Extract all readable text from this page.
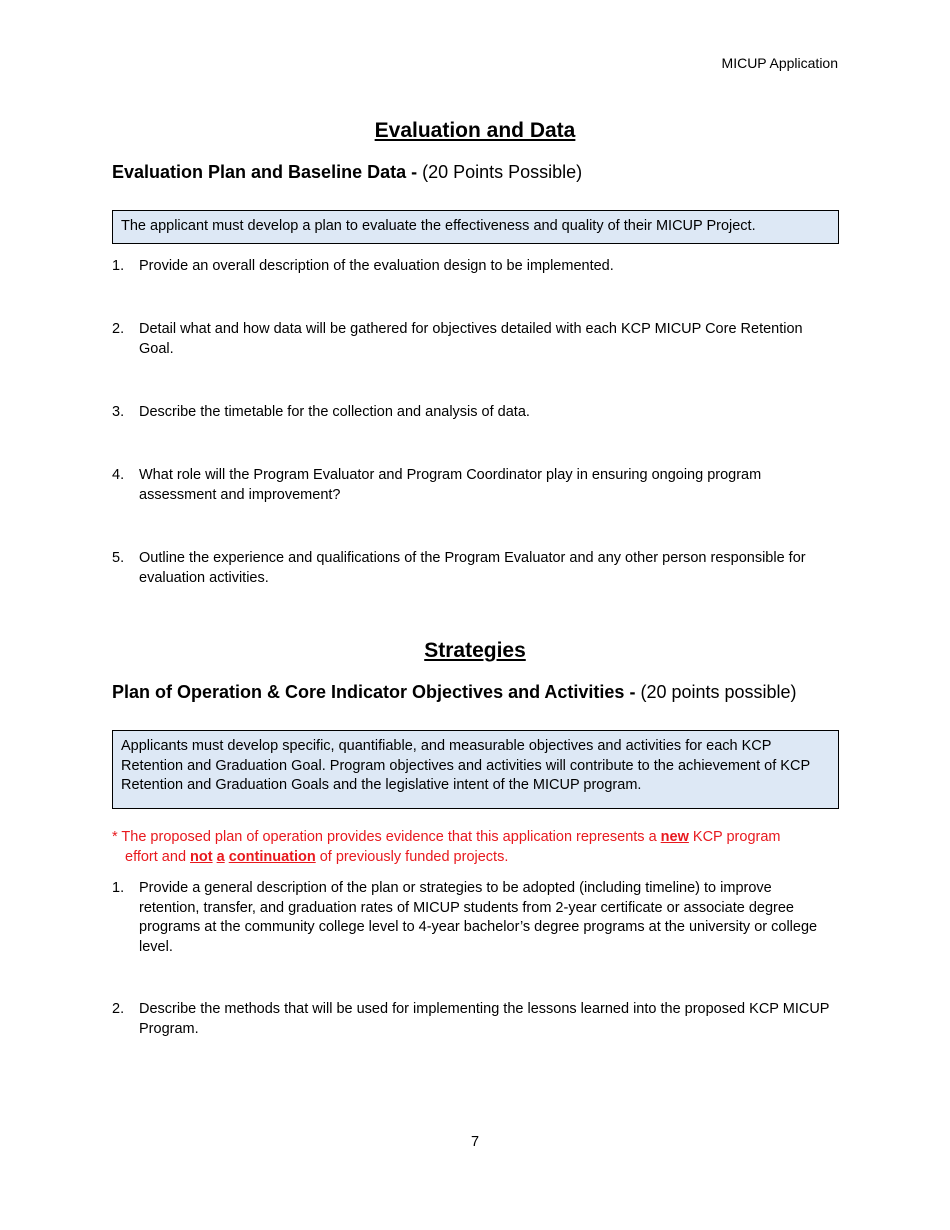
MICUP Application
Evaluation and Data
Evaluation Plan and Baseline Data - (20 Points Possible)
The applicant must develop a plan to evaluate the effectiveness and quality of their MICUP Project.
1. Provide an overall description of the evaluation design to be implemented.
2. Detail what and how data will be gathered for objectives detailed with each KCP MICUP Core Retention Goal.
3. Describe the timetable for the collection and analysis of data.
4. What role will the Program Evaluator and Program Coordinator play in ensuring ongoing program assessment and improvement?
5. Outline the experience and qualifications of the Program Evaluator and any other person responsible for evaluation activities.
Strategies
Plan of Operation & Core Indicator Objectives and Activities - (20 points possible)
Applicants must develop specific, quantifiable, and measurable objectives and activities for each KCP Retention and Graduation Goal. Program objectives and activities will contribute to the achievement of KCP Retention and Graduation Goals and the legislative intent of the MICUP program.
* The proposed plan of operation provides evidence that this application represents a new KCP program
effort and not a continuation of previously funded projects.
1. Provide a general description of the plan or strategies to be adopted (including timeline) to improve retention, transfer, and graduation rates of MICUP students from 2-year certificate or associate degree programs at the community college level to 4-year bachelor’s degree programs at the university or college level.
2. Describe the methods that will be used for implementing the lessons learned into the proposed KCP MICUP Program.
7
